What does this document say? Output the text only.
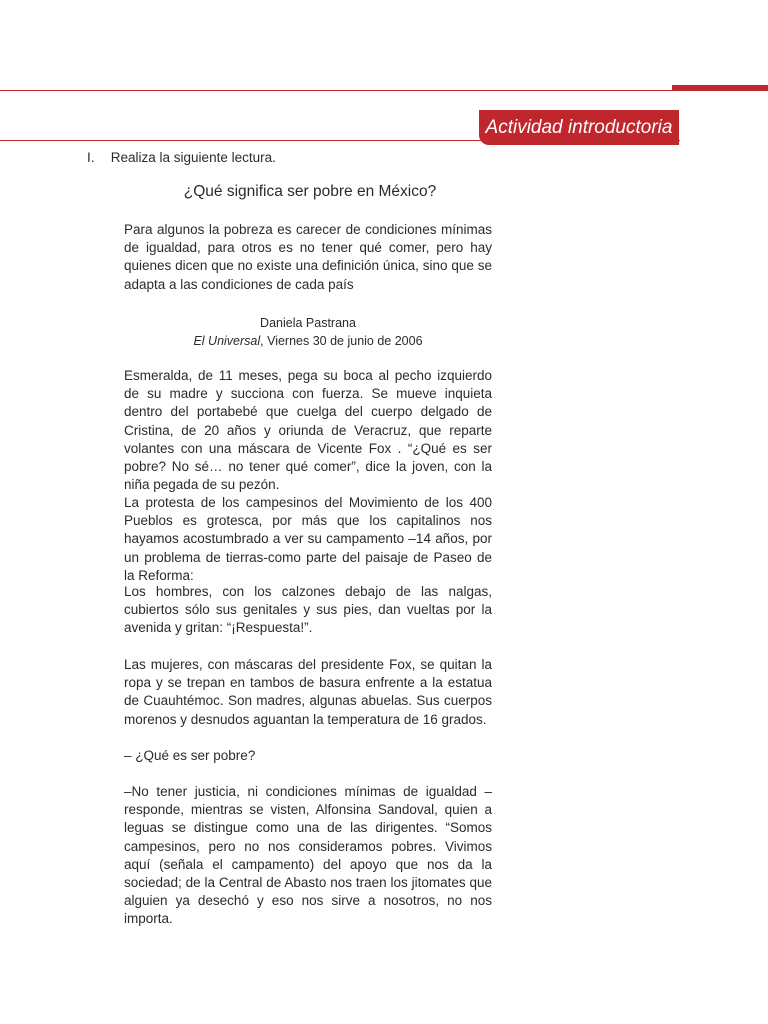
Actividad introductoria
I. Realiza la siguiente lectura.
¿Qué significa ser pobre en México?

Para algunos la pobreza es carecer de condiciones mínimas de igualdad, para otros es no tener qué comer, pero hay quienes dicen que no existe una definición única, sino que se adapta a las condiciones de cada país

Daniela Pastrana
El Universal, Viernes 30 de junio de 2006

Esmeralda, de 11 meses, pega su boca al pecho izquierdo de su madre y succiona con fuerza. Se mueve inquieta dentro del portabebé que cuelga del cuerpo delgado de Cristina, de 20 años y oriunda de Veracruz, que reparte volantes con una máscara de Vicente Fox . “¿Qué es ser pobre? No sé… no tener qué comer”, dice la joven, con la niña pegada de su pezón.

La protesta de los campesinos del Movimiento de los 400 Pueblos es grotesca, por más que los capitalinos nos hayamos acostumbrado a ver su campamento –14 años, por un problema de tierras-como parte del paisaje de Paseo de la Reforma:

Los hombres, con los calzones debajo de las nalgas, cubiertos sólo sus genitales y sus pies, dan vueltas por la avenida y gritan: “¡Respuesta!”.

Las mujeres, con máscaras del presidente Fox, se quitan la ropa y se trepan en tambos de basura enfrente a la estatua de Cuauhtémoc. Son madres, algunas abuelas. Sus cuerpos morenos y desnudos aguantan la temperatura de 16 grados.

– ¿Qué es ser pobre?

–No tener justicia, ni condiciones mínimas de igualdad –responde, mientras se visten, Alfonsina Sandoval, quien a leguas se distingue como una de las dirigentes. “Somos campesinos, pero no nos consideramos pobres. Vivimos aquí (señala el campamento) del apoyo que nos da la sociedad; de la Central de Abasto nos traen los jitomates que alguien ya desechó y eso nos sirve a nosotros, no nos importa.
